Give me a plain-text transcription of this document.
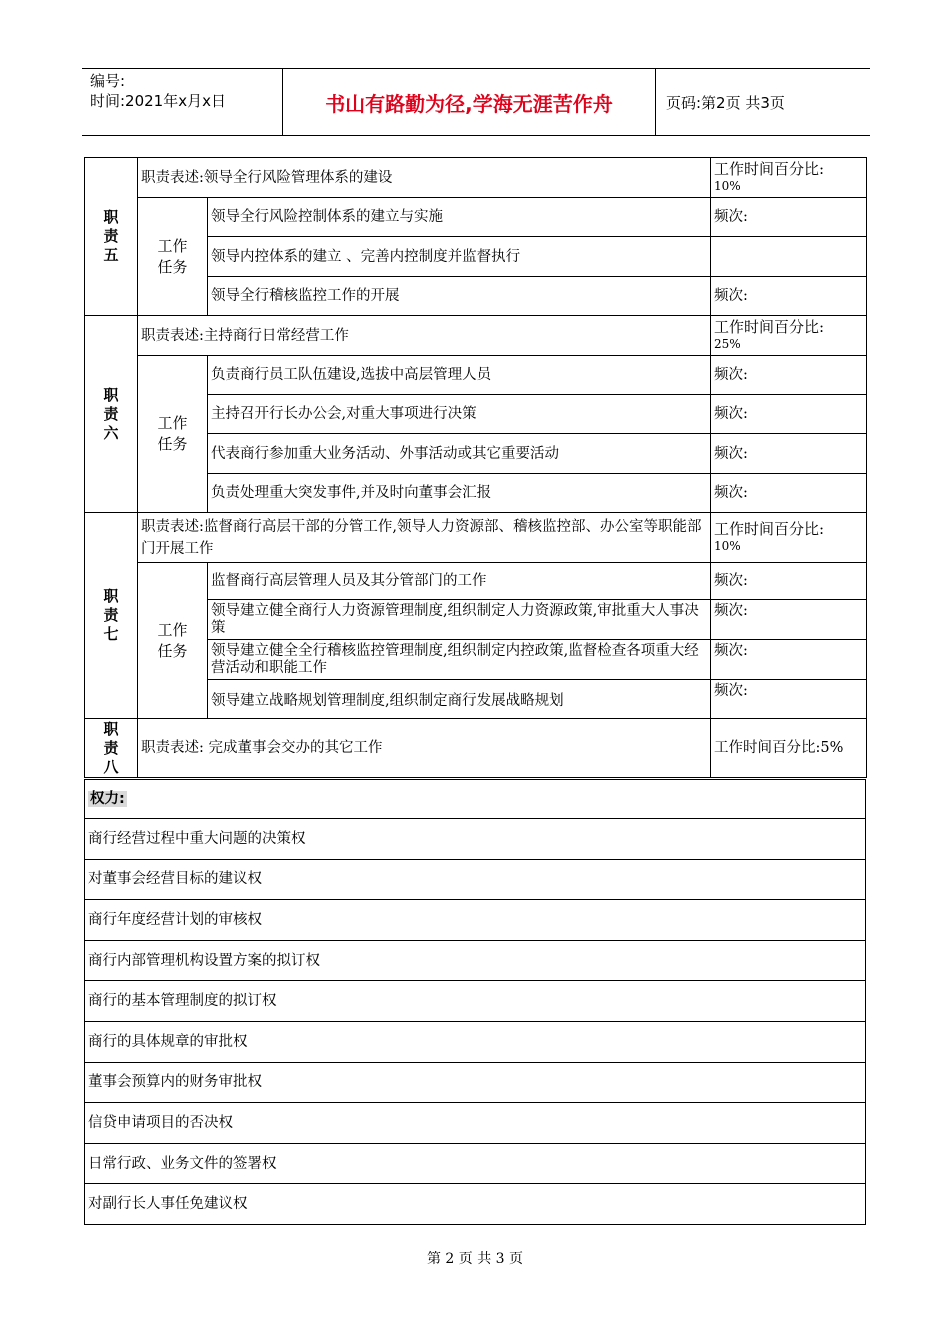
编号:
时间:2021年x月x日	书山有路勤为径,学海无涯苦作舟	页码:第2页 共3页
职责五	职责表述:领导全行风险管理体系的建设		工作时间百分比:
10%

	工作任务	领导全行风险控制体系的建立与实施	频次:
		领导内控体系的建立 、完善内控制度并监督执行	
		领导全行稽核监控工作的开展	频次:

职责六	职责表述:主持商行日常经营工作		工作时间百分比:
25%

	工作任务	负责商行员工队伍建设,选拔中高层管理人员	频次:
		主持召开行长办公会,对重大事项进行决策	频次:
		代表商行参加重大业务活动、外事活动或其它重要活动	频次:
		负责处理重大突发事件,并及时向董事会汇报	频次:

职责七	职责表述:监督商行高层干部的分管工作,领导人力资源部、稽核监控部、办公室等职能部门开展工作		工作时间百分比:
10%

	工作任务	监督商行高层管理人员及其分管部门的工作	频次:
		领导建立健全商行人力资源管理制度,组织制定人力资源政策,审批重大人事决策	频次:
		领导建立健全全行稽核监控管理制度,组织制定内控政策,监督检查各项重大经营活动和职能工作	频次:
		领导建立战略规划管理制度,组织制定商行发展战略规划	频次:

职责八	职责表述: 完成董事会交办的其它工作		工作时间百分比:5%
权力:
商行经营过程中重大问题的决策权
对董事会经营目标的建议权
商行年度经营计划的审核权
商行内部管理机构设置方案的拟订权
商行的基本管理制度的拟订权
商行的具体规章的审批权
董事会预算内的财务审批权
信贷申请项目的否决权
日常行政、业务文件的签署权
对副行长人事任免建议权
第 2 页 共 3 页
